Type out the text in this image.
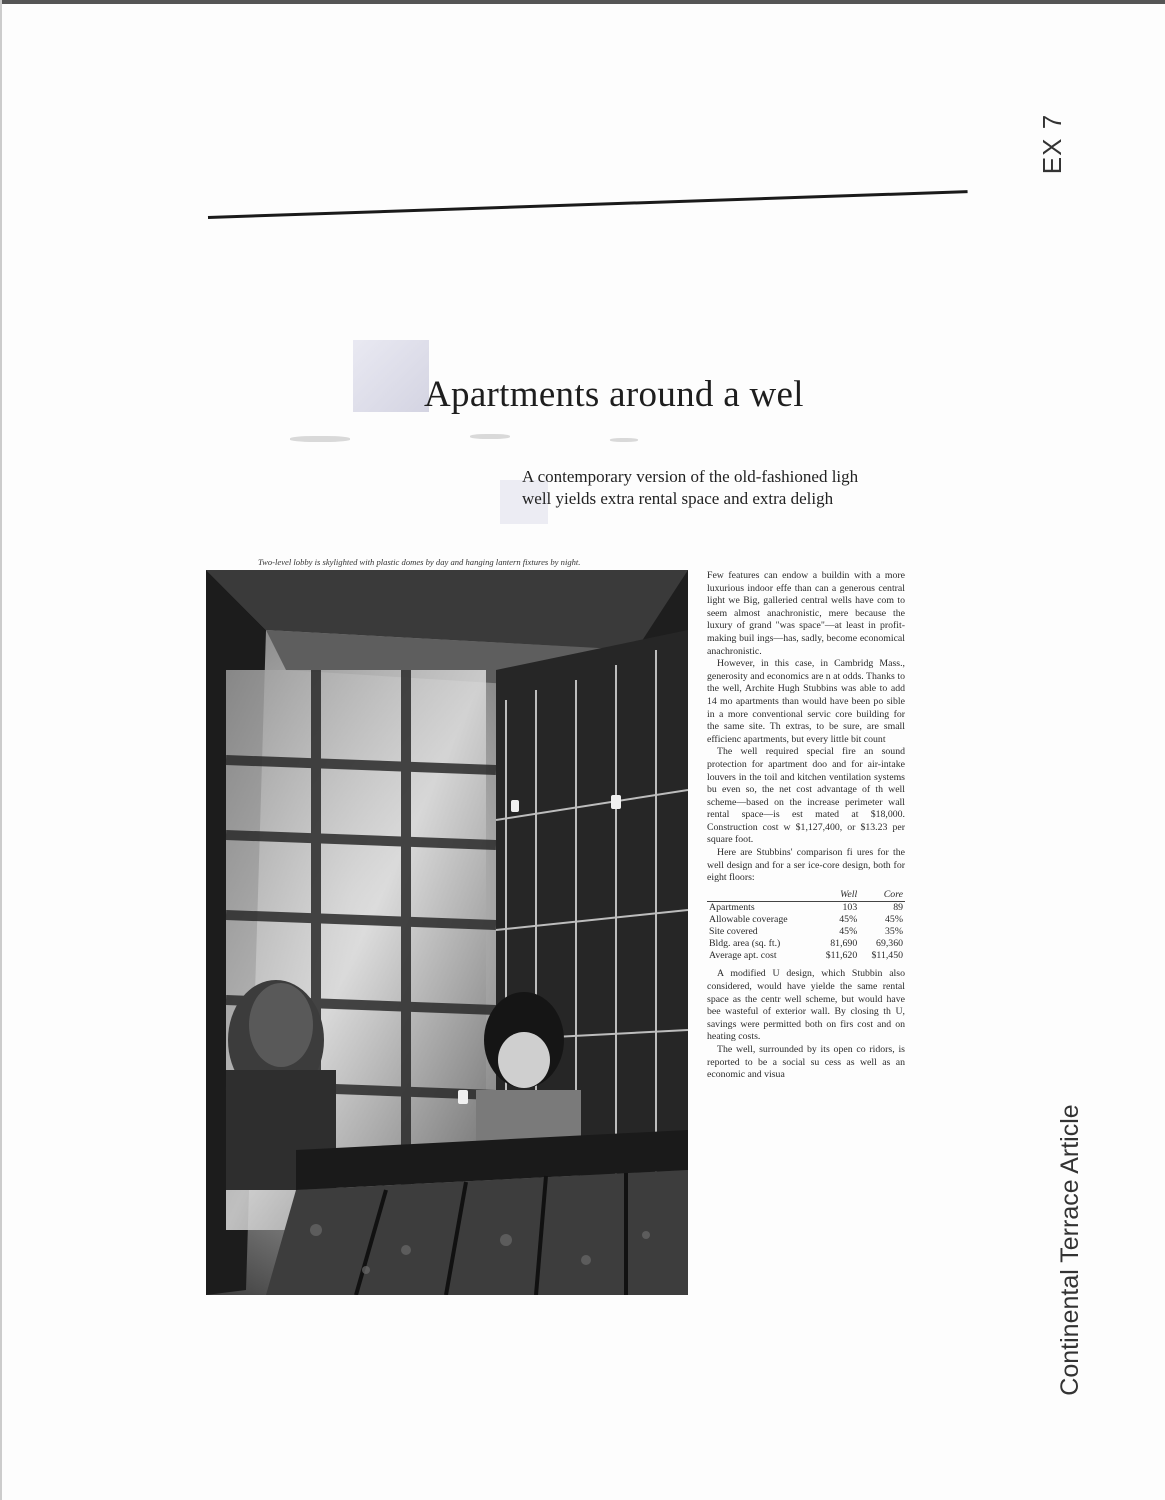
EX 7
Apartments around a wel
A contemporary version of the old-fashioned ligh
well yields extra rental space and extra deligh
Two-level lobby is skylighted with plastic domes by day and hanging lantern fixtures by night.

Few features can endow a buildin with a more luxurious indoor effe than can a generous central light we Big, galleried central wells have com to seem almost anachronistic, mere because the luxury of grand "was space"—at least in profit-making buil ings—has, sadly, become economical anachronistic.

However, in this case, in Cambridg Mass., generosity and economics are n at odds. Thanks to the well, Archite Hugh Stubbins was able to add 14 mo apartments than would have been po sible in a more conventional servic core building for the same site. Th extras, to be sure, are small efficienc apartments, but every little bit count

The well required special fire an sound protection for apartment doo and for air-intake louvers in the toil and kitchen ventilation systems bu even so, the net cost advantage of th well scheme—based on the increase perimeter wall rental space—is est mated at $18,000. Construction cost w $1,127,400, or $13.23 per square foot.

Here are Stubbins' comparison fi ures for the well design and for a ser ice-core design, both for eight floors:

	Well	Core
Apartments	103	89
Allowable coverage	45%	45%
Site covered	45%	35%
Bldg. area (sq. ft.)	81,690	69,360
Average apt. cost	$11,620	$11,450

A modified U design, which Stubbin also considered, would have yielde the same rental space as the centr well scheme, but would have bee wasteful of exterior wall. By closing th U, savings were permitted both on firs cost and on heating costs.

The well, surrounded by its open co ridors, is reported to be a social su cess as well as an economic and visua

Continental Terrace Article
